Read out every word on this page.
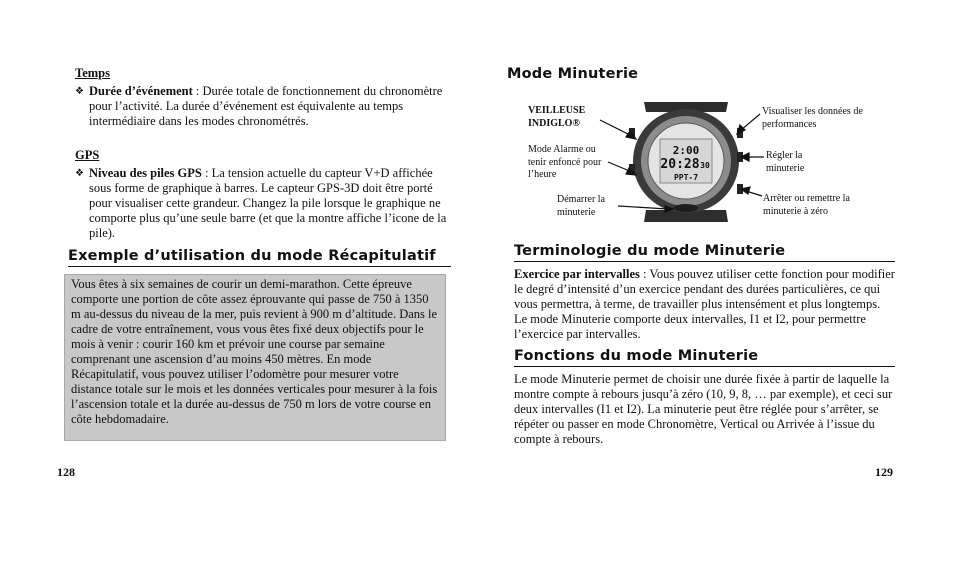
Temps
❖ Durée d’événement : Durée totale de fonctionnement du chronomètre pour l’activité. La durée d’événement est équivalente au temps intermédiaire dans les modes chronométrés.
GPS
❖ Niveau des piles GPS : La tension actuelle du capteur V+D affichée sous forme de graphique à barres. Le capteur GPS-3D doit être porté pour visualiser cette grandeur. Changez la pile lorsque le graphique ne comporte plus qu’une seule barre (et que la montre affiche l’icone de la pile).
Exemple d’utilisation du mode Récapitulatif
Vous êtes à six semaines de courir un demi-marathon. Cette épreuve comporte une portion de côte assez éprouvante qui passe de 750 à 1350 m au-dessus du niveau de la mer, puis revient à 900 m d’altitude. Dans le cadre de votre entraînement, vous vous êtes fixé deux objectifs pour le mois à venir : courir 160 km et prévoir une course par semaine comprenant une ascension d’au moins 450 mètres. En mode Récapitulatif, vous pouvez utiliser l’odomètre pour mesurer votre distance totale sur le mois et les données verticales pour mesurer à la fois l’ascension totale et la durée au-dessus de 750 m lors de votre course en côte hebdomadaire.
128
Mode Minuterie
2:00
20:28 30
PPT-7
VEILLEUSE INDIGLO®
Mode Alarme ou tenir enfoncé pour l’heure
Démarrer la minuterie
Visualiser les données de performances
Régler la minuterie
Arrêter ou remettre la minuterie à zéro
Terminologie du mode Minuterie
Exercice par intervalles : Vous pouvez utiliser cette fonction pour modifier le degré d’intensité d’un exercice pendant des durées particulières, ce qui vous permettra, à terme, de travailler plus intensément et plus longtemps. Le mode Minuterie comporte deux intervalles, I1 et I2, pour permettre l’exercice par intervalles.
Fonctions du mode Minuterie
Le mode Minuterie permet de choisir une durée fixée à partir de laquelle la montre compte à rebours jusqu’à zéro (10, 9, 8, … par exemple), et ceci sur deux intervalles (I1 et I2). La minuterie peut être réglée pour s’arrêter, se répéter ou passer en mode Chronomètre, Vertical ou Arrivée à l’issue du compte à rebours.
129
